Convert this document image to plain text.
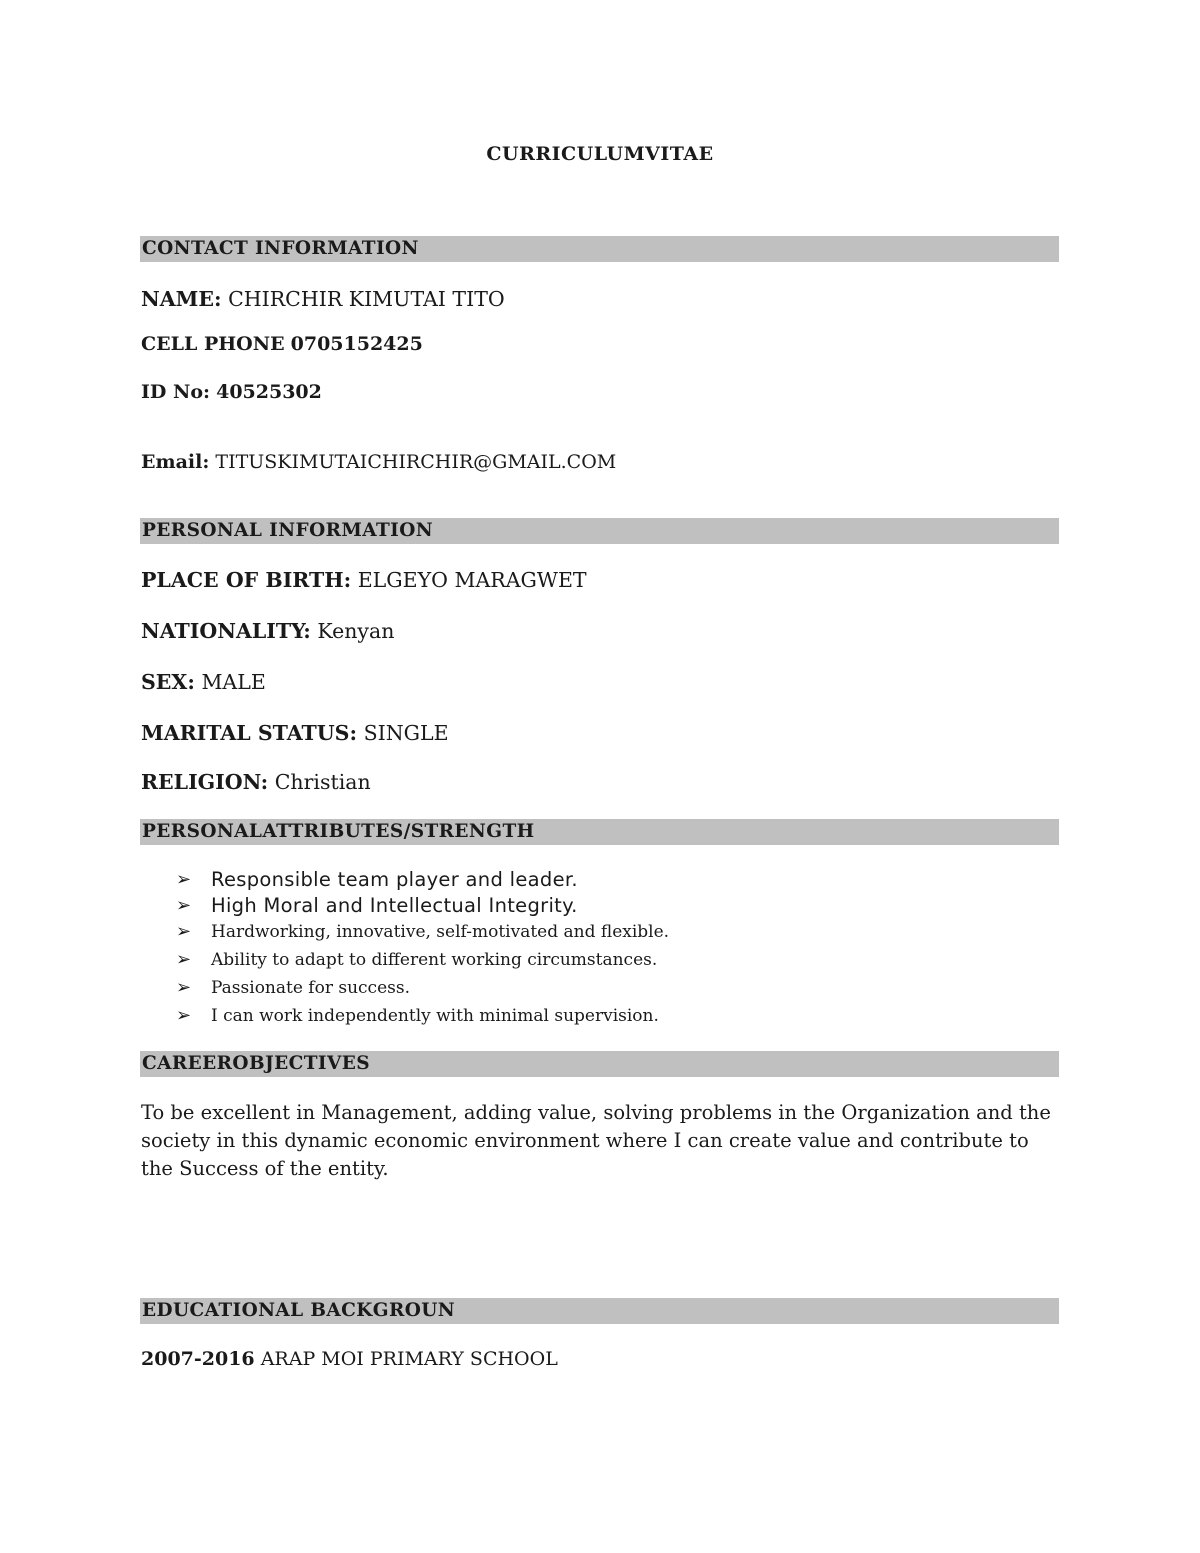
CURRICULUMVITAE
CONTACT INFORMATION
NAME: CHIRCHIR KIMUTAI TITO
CELL PHONE 0705152425
ID No: 40525302
Email: TITUSKIMUTAICHIRCHIR@GMAIL.COM
PERSONAL INFORMATION
PLACE OF BIRTH: ELGEYO MARAGWET
NATIONALITY: Kenyan
SEX: MALE
MARITAL STATUS: SINGLE
RELIGION: Christian
PERSONALATTRIBUTES/STRENGTH
➢ Responsible team player and leader.
➢ High Moral and Intellectual Integrity.
➢ Hardworking, innovative, self-motivated and flexible.
➢ Ability to adapt to different working circumstances.
➢ Passionate for success.
➢ I can work independently with minimal supervision.
CAREEROBJECTIVES
To be excellent in Management, adding value, solving problems in the Organization and the society in this dynamic economic environment where I can create value and contribute to the Success of the entity.
EDUCATIONAL BACKGROUN
2007-2016 ARAP MOI PRIMARY SCHOOL
